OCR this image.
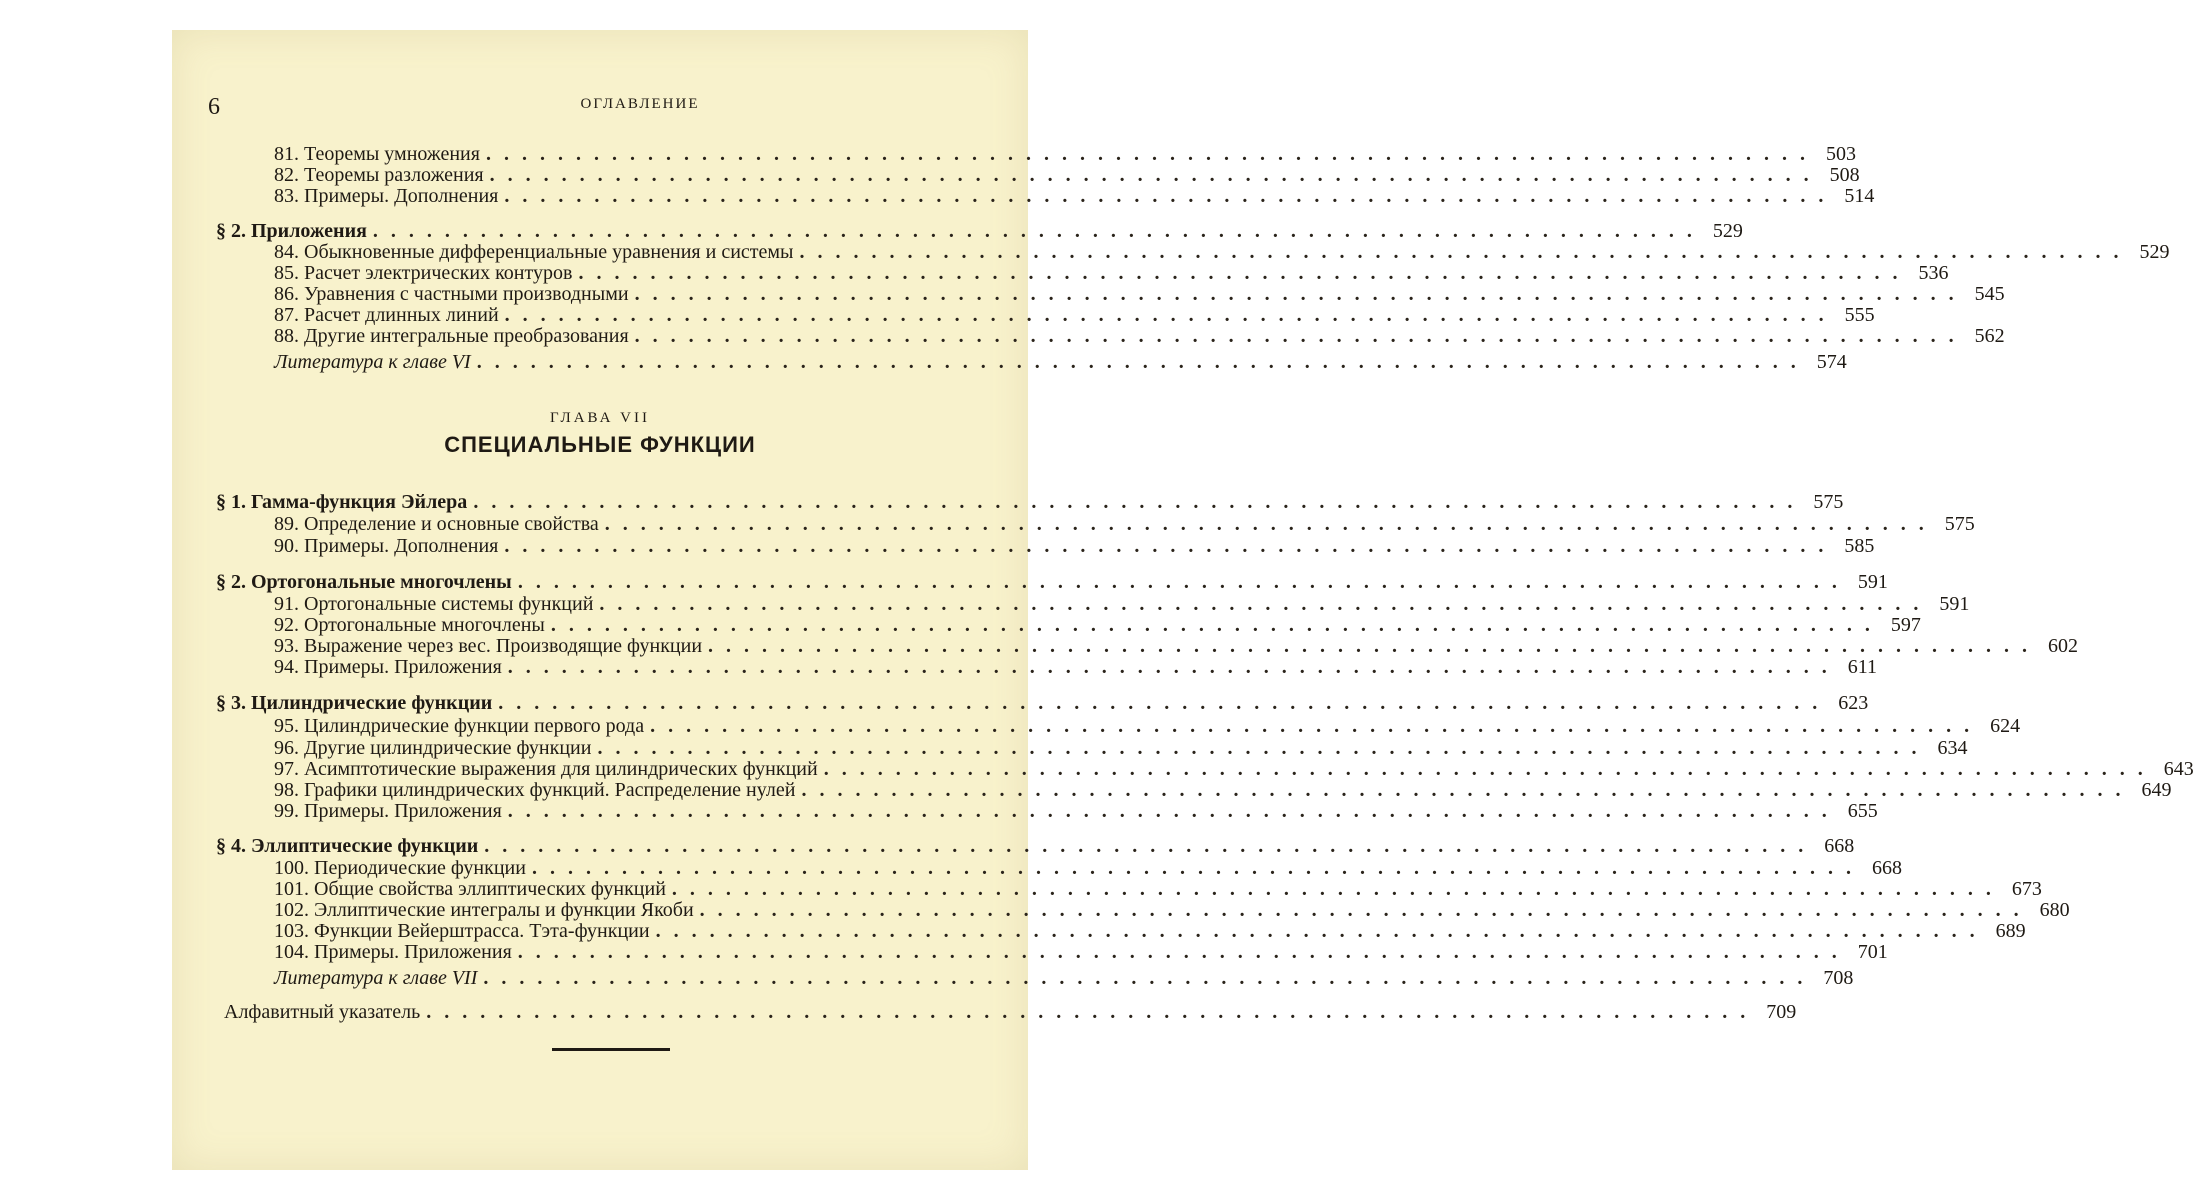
6	ОГЛАВЛЕНИЕ
81. Теоремы умножения .......................................................................... 503
82. Теоремы разложения .......................................................................... 508
83. Примеры. Дополнения .......................................................................... 514
§ 2. Приложения .......................................................................... 529
84. Обыкновенные дифференциальные уравнения и системы .......................................................................... 529
85. Расчет электрических контуров .......................................................................... 536
86. Уравнения с частными производными .......................................................................... 545
87. Расчет длинных линий .......................................................................... 555
88. Другие интегральные преобразования .......................................................................... 562
Литература к главе VI .......................................................................... 574
ГЛАВА VII
СПЕЦИАЛЬНЫЕ ФУНКЦИИ
§ 1. Гамма-функция Эйлера .......................................................................... 575
89. Определение и основные свойства .......................................................................... 575
90. Примеры. Дополнения .......................................................................... 585
§ 2. Ортогональные многочлены .......................................................................... 591
91. Ортогональные системы функций .......................................................................... 591
92. Ортогональные многочлены .......................................................................... 597
93. Выражение через вес. Производящие функции .......................................................................... 602
94. Примеры. Приложения .......................................................................... 611
§ 3. Цилиндрические функции .......................................................................... 623
95. Цилиндрические функции первого рода .......................................................................... 624
96. Другие цилиндрические функции .......................................................................... 634
97. Асимптотические выражения для цилиндрических функций .......................................................................... 643
98. Графики цилиндрических функций. Распределение нулей .......................................................................... 649
99. Примеры. Приложения .......................................................................... 655
§ 4. Эллиптические функции .......................................................................... 668
100. Периодические функции .......................................................................... 668
101. Общие свойства эллиптических функций .......................................................................... 673
102. Эллиптические интегралы и функции Якоби .......................................................................... 680
103. Функции Вейерштрасса. Тэта-функции .......................................................................... 689
104. Примеры. Приложения .......................................................................... 701
Литература к главе VII .......................................................................... 708
Алфавитный указатель .......................................................................... 709
